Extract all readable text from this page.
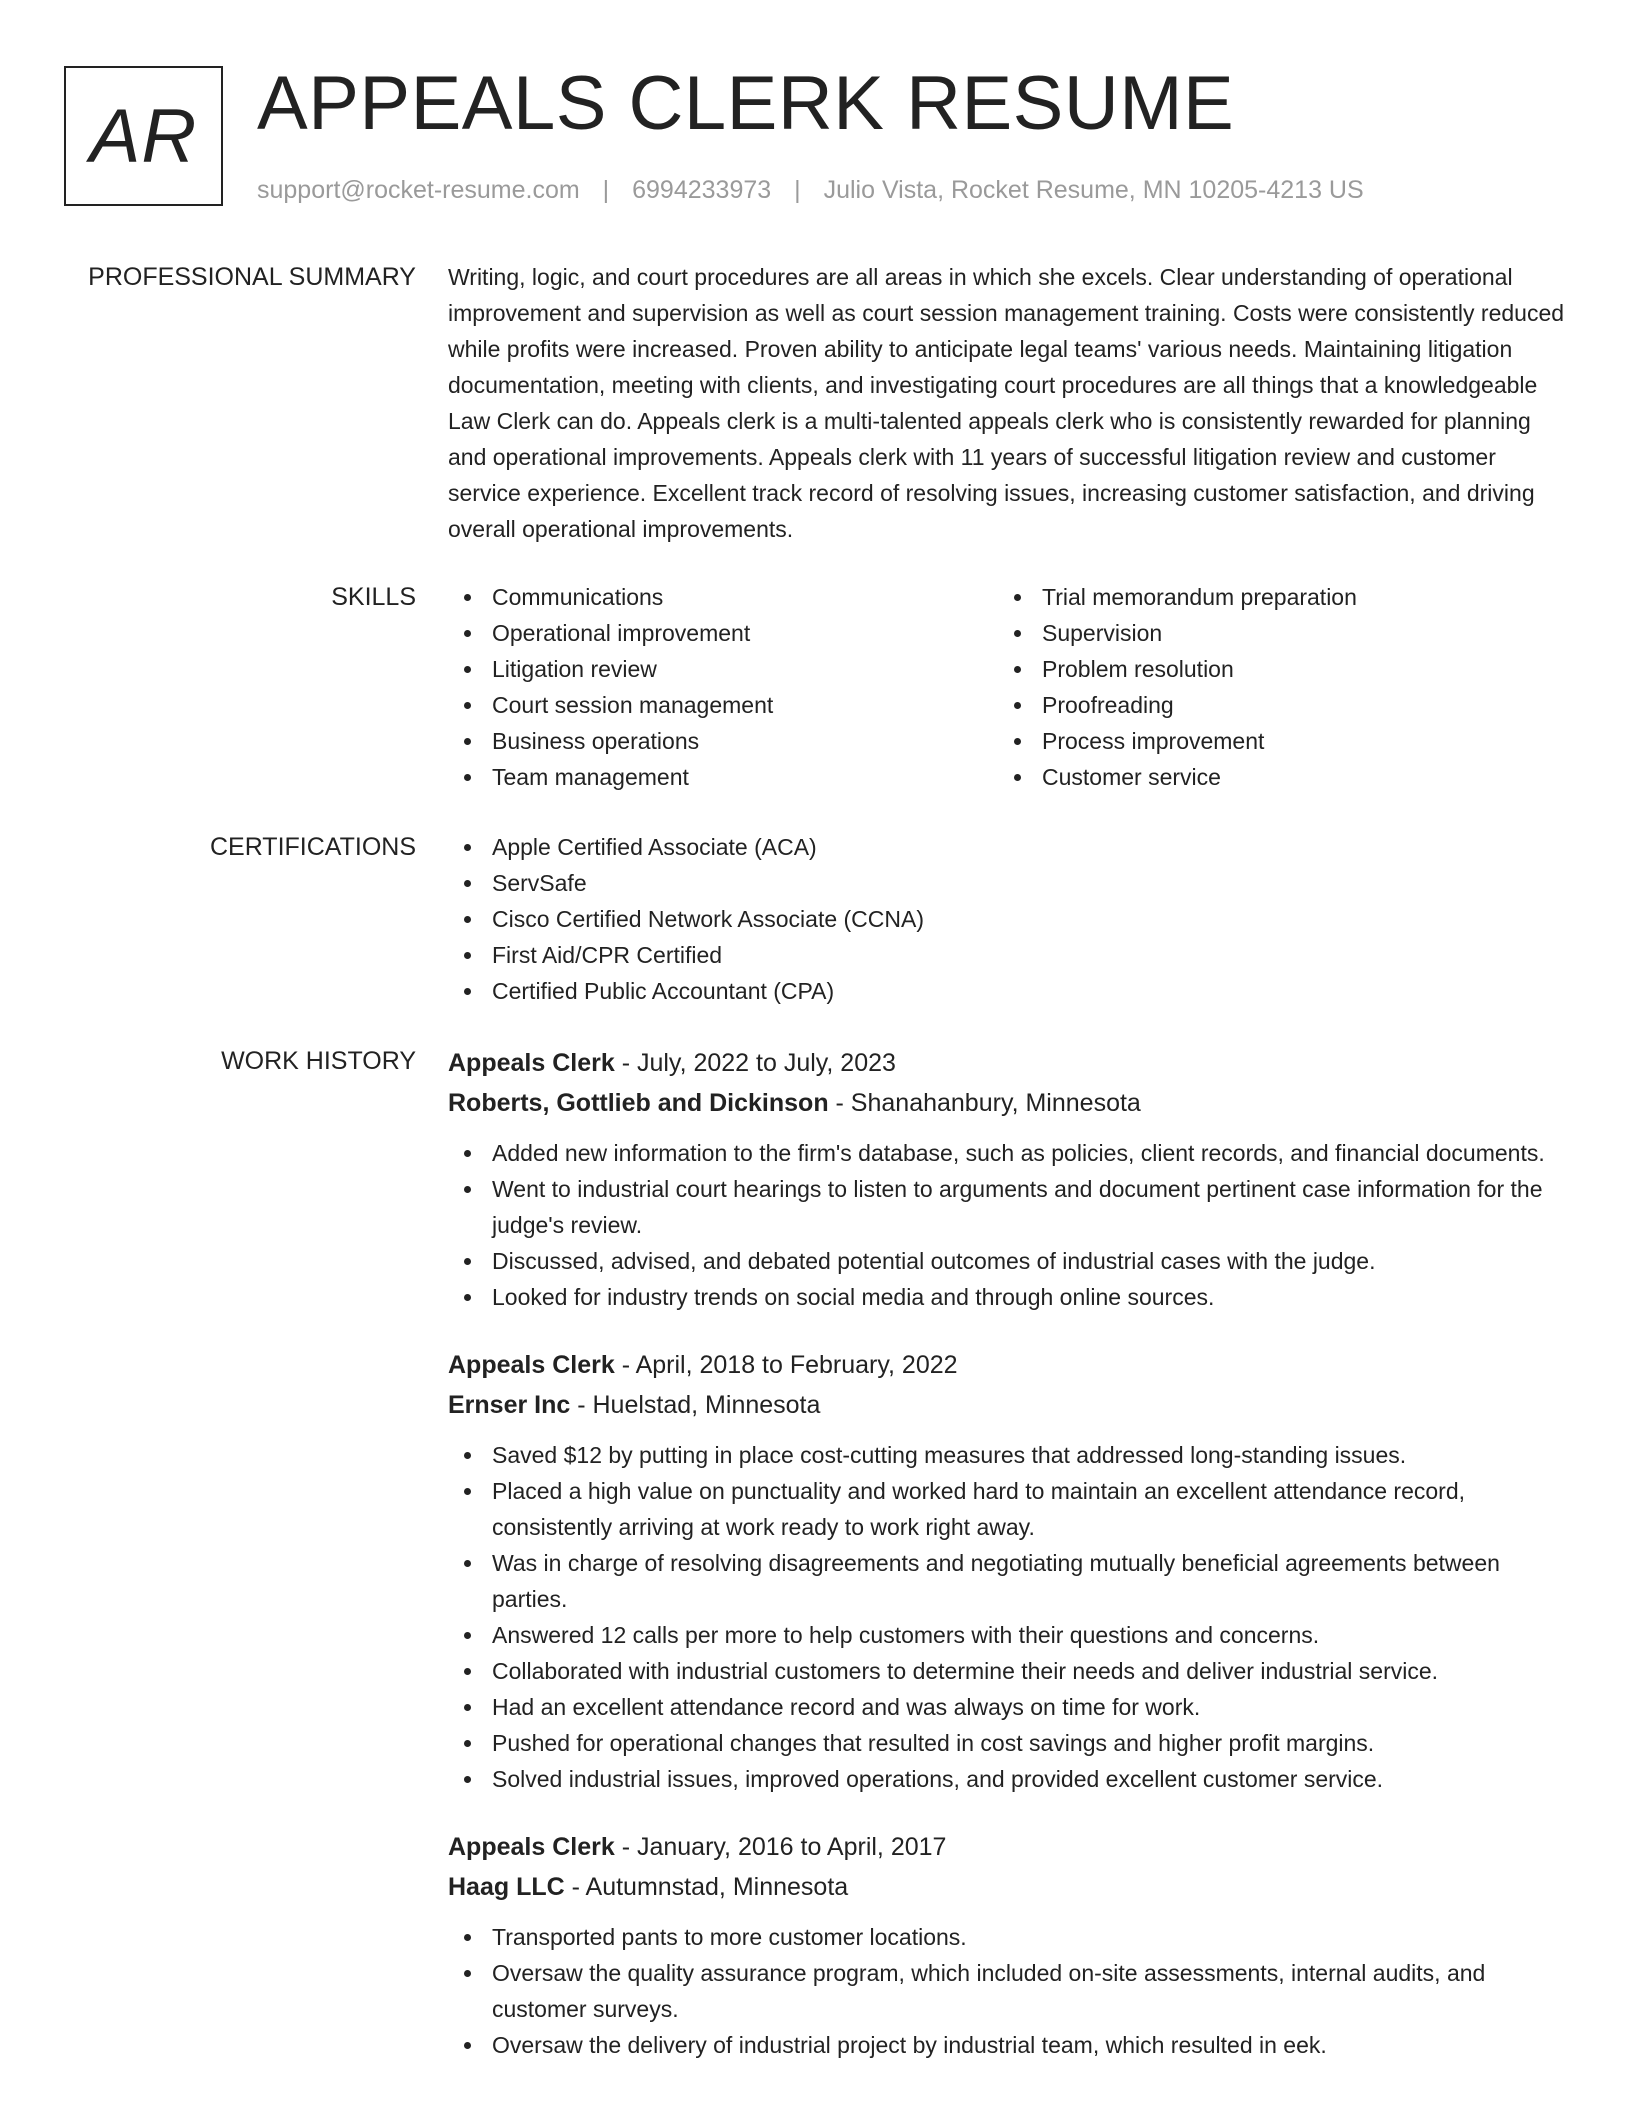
AR APPEALS CLERK RESUME
support@rocket-resume.com | 6994233973 | Julio Vista, Rocket Resume, MN 10205-4213 US
PROFESSIONAL SUMMARY Writing, logic, and court procedures are all areas in which she excels. Clear understanding of operational improvement and supervision as well as court session management training. Costs were consistently reduced while profits were increased. Proven ability to anticipate legal teams' various needs. Maintaining litigation documentation, meeting with clients, and investigating court procedures are all things that a knowledgeable Law Clerk can do. Appeals clerk is a multi-talented appeals clerk who is consistently rewarded for planning and operational improvements. Appeals clerk with 11 years of successful litigation review and customer service experience. Excellent track record of resolving issues, increasing customer satisfaction, and driving overall operational improvements.

SKILLS	Communications
Operational improvement
Litigation review
Court session management
Business operations
Team management
Trial memorandum preparation
Supervision
Problem resolution
Proofreading
Process improvement
Customer service
CERTIFICATIONS	Apple Certified Associate (ACA)
ServSafe
Cisco Certified Network Associate (CCNA)
First Aid/CPR Certified
Certified Public Accountant (CPA)
WORK HISTORY Appeals Clerk - July, 2022 to July, 2023
Roberts, Gottlieb and Dickinson - Shanahanbury, Minnesota
Added new information to the firm's database, such as policies, client records, and financial documents.
Went to industrial court hearings to listen to arguments and document pertinent case information for the judge's review.
Discussed, advised, and debated potential outcomes of industrial cases with the judge.
Looked for industry trends on social media and through online sources.
Appeals Clerk - April, 2018 to February, 2022
Ernser Inc - Huelstad, Minnesota
Saved $12 by putting in place cost-cutting measures that addressed long-standing issues.
Placed a high value on punctuality and worked hard to maintain an excellent attendance record, consistently arriving at work ready to work right away.
Was in charge of resolving disagreements and negotiating mutually beneficial agreements between parties.
Answered 12 calls per more to help customers with their questions and concerns.
Collaborated with industrial customers to determine their needs and deliver industrial service.
Had an excellent attendance record and was always on time for work.
Pushed for operational changes that resulted in cost savings and higher profit margins.
Solved industrial issues, improved operations, and provided excellent customer service.
Appeals Clerk - January, 2016 to April, 2017
Haag LLC - Autumnstad, Minnesota
Transported pants to more customer locations.
Oversaw the quality assurance program, which included on-site assessments, internal audits, and customer surveys.
Oversaw the delivery of industrial project by industrial team, which resulted in eek.
